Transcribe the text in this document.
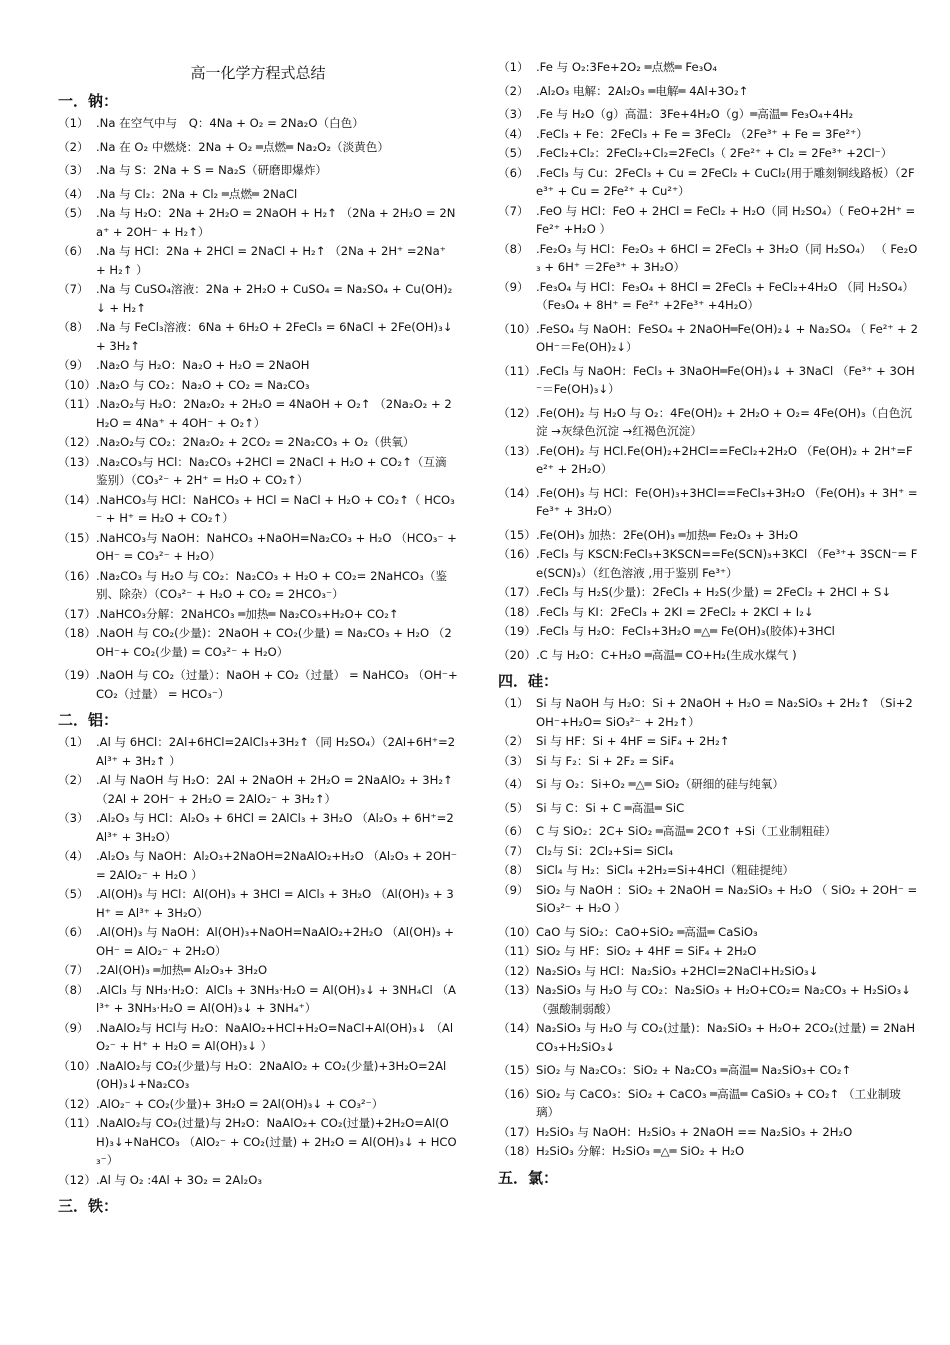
高一化学方程式总结
一．钠：
（1） .Na 在空气中与　Q：4Na + O₂ = 2Na₂O（白色）
（2） .Na 在 O₂ 中燃烧：2Na + O₂ ═点燃═ Na₂O₂（淡黄色）
（3） .Na 与 S：2Na + S = Na₂S（研磨即爆炸）
（4） .Na 与 Cl₂：2Na + Cl₂ ═点燃═ 2NaCl
（5） .Na 与 H₂O：2Na + 2H₂O = 2NaOH + H₂↑ （2Na + 2H₂O = 2Na⁺ + 2OH⁻ + H₂↑）
（6） .Na 与 HCl：2Na + 2HCl = 2NaCl + H₂↑ （2Na + 2H⁺ =2Na⁺ + H₂↑ ）
（7） .Na 与 CuSO₄溶液：2Na + 2H₂O + CuSO₄ = Na₂SO₄ + Cu(OH)₂↓ + H₂↑
（8） .Na 与 FeCl₃溶液：6Na + 6H₂O + 2FeCl₃ = 6NaCl + 2Fe(OH)₃↓ + 3H₂↑
（9） .Na₂O 与 H₂O：Na₂O + H₂O = 2NaOH
（10） .Na₂O 与 CO₂：Na₂O + CO₂ = Na₂CO₃
（11） .Na₂O₂与 H₂O：2Na₂O₂ + 2H₂O = 4NaOH + O₂↑ （2Na₂O₂ + 2H₂O = 4Na⁺ + 4OH⁻ + O₂↑）
（12） .Na₂O₂与 CO₂：2Na₂O₂ + 2CO₂ = 2Na₂CO₃ + O₂（供氧）
（13） .Na₂CO₃与 HCl：Na₂CO₃ +2HCl = 2NaCl + H₂O + CO₂↑（互滴鉴别）（CO₃²⁻ + 2H⁺ = H₂O + CO₂↑）
（14） .NaHCO₃与 HCl：NaHCO₃ + HCl = NaCl + H₂O + CO₂↑（ HCO₃⁻ + H⁺ = H₂O + CO₂↑）
（15） .NaHCO₃与 NaOH：NaHCO₃ +NaOH=Na₂CO₃ + H₂O （HCO₃⁻ + OH⁻ = CO₃²⁻ + H₂O）
（16） .Na₂CO₃ 与 H₂O 与 CO₂：Na₂CO₃ + H₂O + CO₂= 2NaHCO₃（鉴别、除杂）（CO₃²⁻ + H₂O + CO₂ = 2HCO₃⁻）
（17） .NaHCO₃分解：2NaHCO₃ ═加热═ Na₂CO₃+H₂O+ CO₂↑
（18） .NaOH 与 CO₂(少量)：2NaOH + CO₂(少量) = Na₂CO₃ + H₂O （2OH⁻+ CO₂(少量) = CO₃²⁻ + H₂O）
（19） .NaOH 与 CO₂（过量）：NaOH + CO₂（过量） = NaHCO₃ （OH⁻+ CO₂（过量） = HCO₃⁻）
二．铝：
（1） .Al 与 6HCl：2Al+6HCl=2AlCl₃+3H₂↑（同 H₂SO₄）（2Al+6H⁺=2Al³⁺ + 3H₂↑ ）
（2） .Al 与 NaOH 与 H₂O：2Al + 2NaOH + 2H₂O = 2NaAlO₂ + 3H₂↑（2Al + 2OH⁻ + 2H₂O = 2AlO₂⁻ + 3H₂↑）
（3） .Al₂O₃ 与 HCl：Al₂O₃ + 6HCl = 2AlCl₃ + 3H₂O （Al₂O₃ + 6H⁺=2Al³⁺ + 3H₂O）
（4） .Al₂O₃ 与 NaOH：Al₂O₃+2NaOH=2NaAlO₂+H₂O （Al₂O₃ + 2OH⁻ = 2AlO₂⁻ + H₂O ）
（5） .Al(OH)₃ 与 HCl：Al(OH)₃ + 3HCl = AlCl₃ + 3H₂O （Al(OH)₃ + 3H⁺ = Al³⁺ + 3H₂O）
（6） .Al(OH)₃ 与 NaOH：Al(OH)₃+NaOH=NaAlO₂+2H₂O （Al(OH)₃ + OH⁻ = AlO₂⁻ + 2H₂O）
（7） .2Al(OH)₃ ═加热═ Al₂O₃+ 3H₂O
（8） .AlCl₃ 与 NH₃·H₂O：AlCl₃ + 3NH₃·H₂O = Al(OH)₃↓ + 3NH₄Cl （Al³⁺ + 3NH₃·H₂O = Al(OH)₃↓ + 3NH₄⁺）
（9） .NaAlO₂与 HCl与 H₂O：NaAlO₂+HCl+H₂O=NaCl+Al(OH)₃↓ （AlO₂⁻ + H⁺ + H₂O = Al(OH)₃↓ ）
（10） .NaAlO₂与 CO₂(少量)与 H₂O：2NaAlO₂ + CO₂(少量)+3H₂O=2Al(OH)₃↓+Na₂CO₃
（12） .AlO₂⁻ + CO₂(少量)+ 3H₂O = 2Al(OH)₃↓ + CO₃²⁻）
（11） .NaAlO₂与 CO₂(过量)与 2H₂O：NaAlO₂+ CO₂(过量)+2H₂O=Al(OH)₃↓+NaHCO₃ （AlO₂⁻ + CO₂(过量) + 2H₂O = Al(OH)₃↓ + HCO₃⁻）
（12） .Al 与 O₂ :4Al + 3O₂ = 2Al₂O₃
三．铁：
（1） .Fe 与 O₂:3Fe+2O₂ ═点燃═ Fe₃O₄
（2） .Al₂O₃ 电解：2Al₂O₃ ═电解═ 4Al+3O₂↑
（3） .Fe 与 H₂O（g）高温：3Fe+4H₂O（g）═高温═ Fe₃O₄+4H₂
（4） .FeCl₃ + Fe：2FeCl₃ + Fe = 3FeCl₂ （2Fe³⁺ + Fe = 3Fe²⁺）
（5） .FeCl₂+Cl₂：2FeCl₂+Cl₂=2FeCl₃（ 2Fe²⁺ + Cl₂ = 2Fe³⁺ +2Cl⁻）
（6） .FeCl₃ 与 Cu：2FeCl₃ + Cu = 2FeCl₂ + CuCl₂(用于雕刻铜线路板）（2Fe³⁺ + Cu = 2Fe²⁺ + Cu²⁺）
（7） .FeO 与 HCl：FeO + 2HCl = FeCl₂ + H₂O（同 H₂SO₄）（ FeO+2H⁺ = Fe²⁺ +H₂O ）
（8） .Fe₂O₃ 与 HCl：Fe₂O₃ + 6HCl = 2FeCl₃ + 3H₂O（同 H₂SO₄） （ Fe₂O₃ + 6H⁺ ＝2Fe³⁺ + 3H₂O）
（9） .Fe₃O₄ 与 HCl：Fe₃O₄ + 8HCl = 2FeCl₃ + FeCl₂+4H₂O （同 H₂SO₄） （Fe₃O₄ + 8H⁺ = Fe²⁺ +2Fe³⁺ +4H₂O）
（10） .FeSO₄ 与 NaOH：FeSO₄ + 2NaOH═Fe(OH)₂↓ + Na₂SO₄ （ Fe²⁺ + 2OH⁻＝Fe(OH)₂↓）
（11） .FeCl₃ 与 NaOH：FeCl₃ + 3NaOH═Fe(OH)₃↓ + 3NaCl （Fe³⁺ + 3OH⁻＝Fe(OH)₃↓）
（12） .Fe(OH)₂ 与 H₂O 与 O₂：4Fe(OH)₂ + 2H₂O + O₂= 4Fe(OH)₃（白色沉淀 →灰绿色沉淀 →红褐色沉淀）
（13） .Fe(OH)₂ 与 HCl.Fe(OH)₂+2HCl==FeCl₂+2H₂O （Fe(OH)₂ + 2H⁺=Fe²⁺ + 2H₂O）
（14） .Fe(OH)₃ 与 HCl：Fe(OH)₃+3HCl==FeCl₃+3H₂O （Fe(OH)₃ + 3H⁺ = Fe³⁺ + 3H₂O）
（15） .Fe(OH)₃ 加热：2Fe(OH)₃ ═加热═ Fe₂O₃ + 3H₂O
（16） .FeCl₃ 与 KSCN:FeCl₃+3KSCN==Fe(SCN)₃+3KCl （Fe³⁺+ 3SCN⁻= Fe(SCN)₃）（红色溶液 ,用于鉴别 Fe³⁺）
（17） .FeCl₃ 与 H₂S(少量)：2FeCl₃ + H₂S(少量) = 2FeCl₂ + 2HCl + S↓
（18） .FeCl₃ 与 KI：2FeCl₃ + 2KI = 2FeCl₂ + 2KCl + I₂↓
（19） .FeCl₃ 与 H₂O：FeCl₃+3H₂O ═△═ Fe(OH)₃(胶体)+3HCl
（20） .C 与 H₂O：C+H₂O ═高温═ CO+H₂(生成水煤气 )
四．硅：
（1） Si 与 NaOH 与 H₂O：Si + 2NaOH + H₂O = Na₂SiO₃ + 2H₂↑ （Si+2OH⁻+H₂O= SiO₃²⁻ + 2H₂↑）
（2） Si 与 HF：Si + 4HF = SiF₄ + 2H₂↑
（3） Si 与 F₂：Si + 2F₂ = SiF₄
（4） Si 与 O₂：Si+O₂ ═△═ SiO₂（研细的硅与纯氧）
（5） Si 与 C：Si + C ═高温═ SiC
（6） C 与 SiO₂：2C+ SiO₂ ═高温═ 2CO↑ +Si（工业制粗硅）
（7） Cl₂与 Si：2Cl₂+Si= SiCl₄
（8） SiCl₄ 与 H₂：SiCl₄ +2H₂=Si+4HCl（粗硅提纯）
（9） SiO₂ 与 NaOH ：SiO₂ + 2NaOH = Na₂SiO₃ + H₂O （ SiO₂ + 2OH⁻ = SiO₃²⁻ + H₂O ）
（10） CaO 与 SiO₂：CaO+SiO₂ ═高温═ CaSiO₃
（11） SiO₂ 与 HF：SiO₂ + 4HF = SiF₄ + 2H₂O
（12） Na₂SiO₃ 与 HCl：Na₂SiO₃ +2HCl=2NaCl+H₂SiO₃↓
（13） Na₂SiO₃ 与 H₂O 与 CO₂：Na₂SiO₃ + H₂O+CO₂= Na₂CO₃ + H₂SiO₃↓（强酸制弱酸）
（14） Na₂SiO₃ 与 H₂O 与 CO₂(过量)：Na₂SiO₃ + H₂O+ 2CO₂(过量) = 2NaHCO₃+H₂SiO₃↓
（15） SiO₂ 与 Na₂CO₃：SiO₂ + Na₂CO₃ ═高温═ Na₂SiO₃+ CO₂↑
（16） SiO₂ 与 CaCO₃：SiO₂ + CaCO₃ ═高温═ CaSiO₃ + CO₂↑ （工业制玻璃）
（17） H₂SiO₃ 与 NaOH：H₂SiO₃ + 2NaOH == Na₂SiO₃ + 2H₂O
（18） H₂SiO₃ 分解：H₂SiO₃ ═△═ SiO₂ + H₂O
五．氯：
